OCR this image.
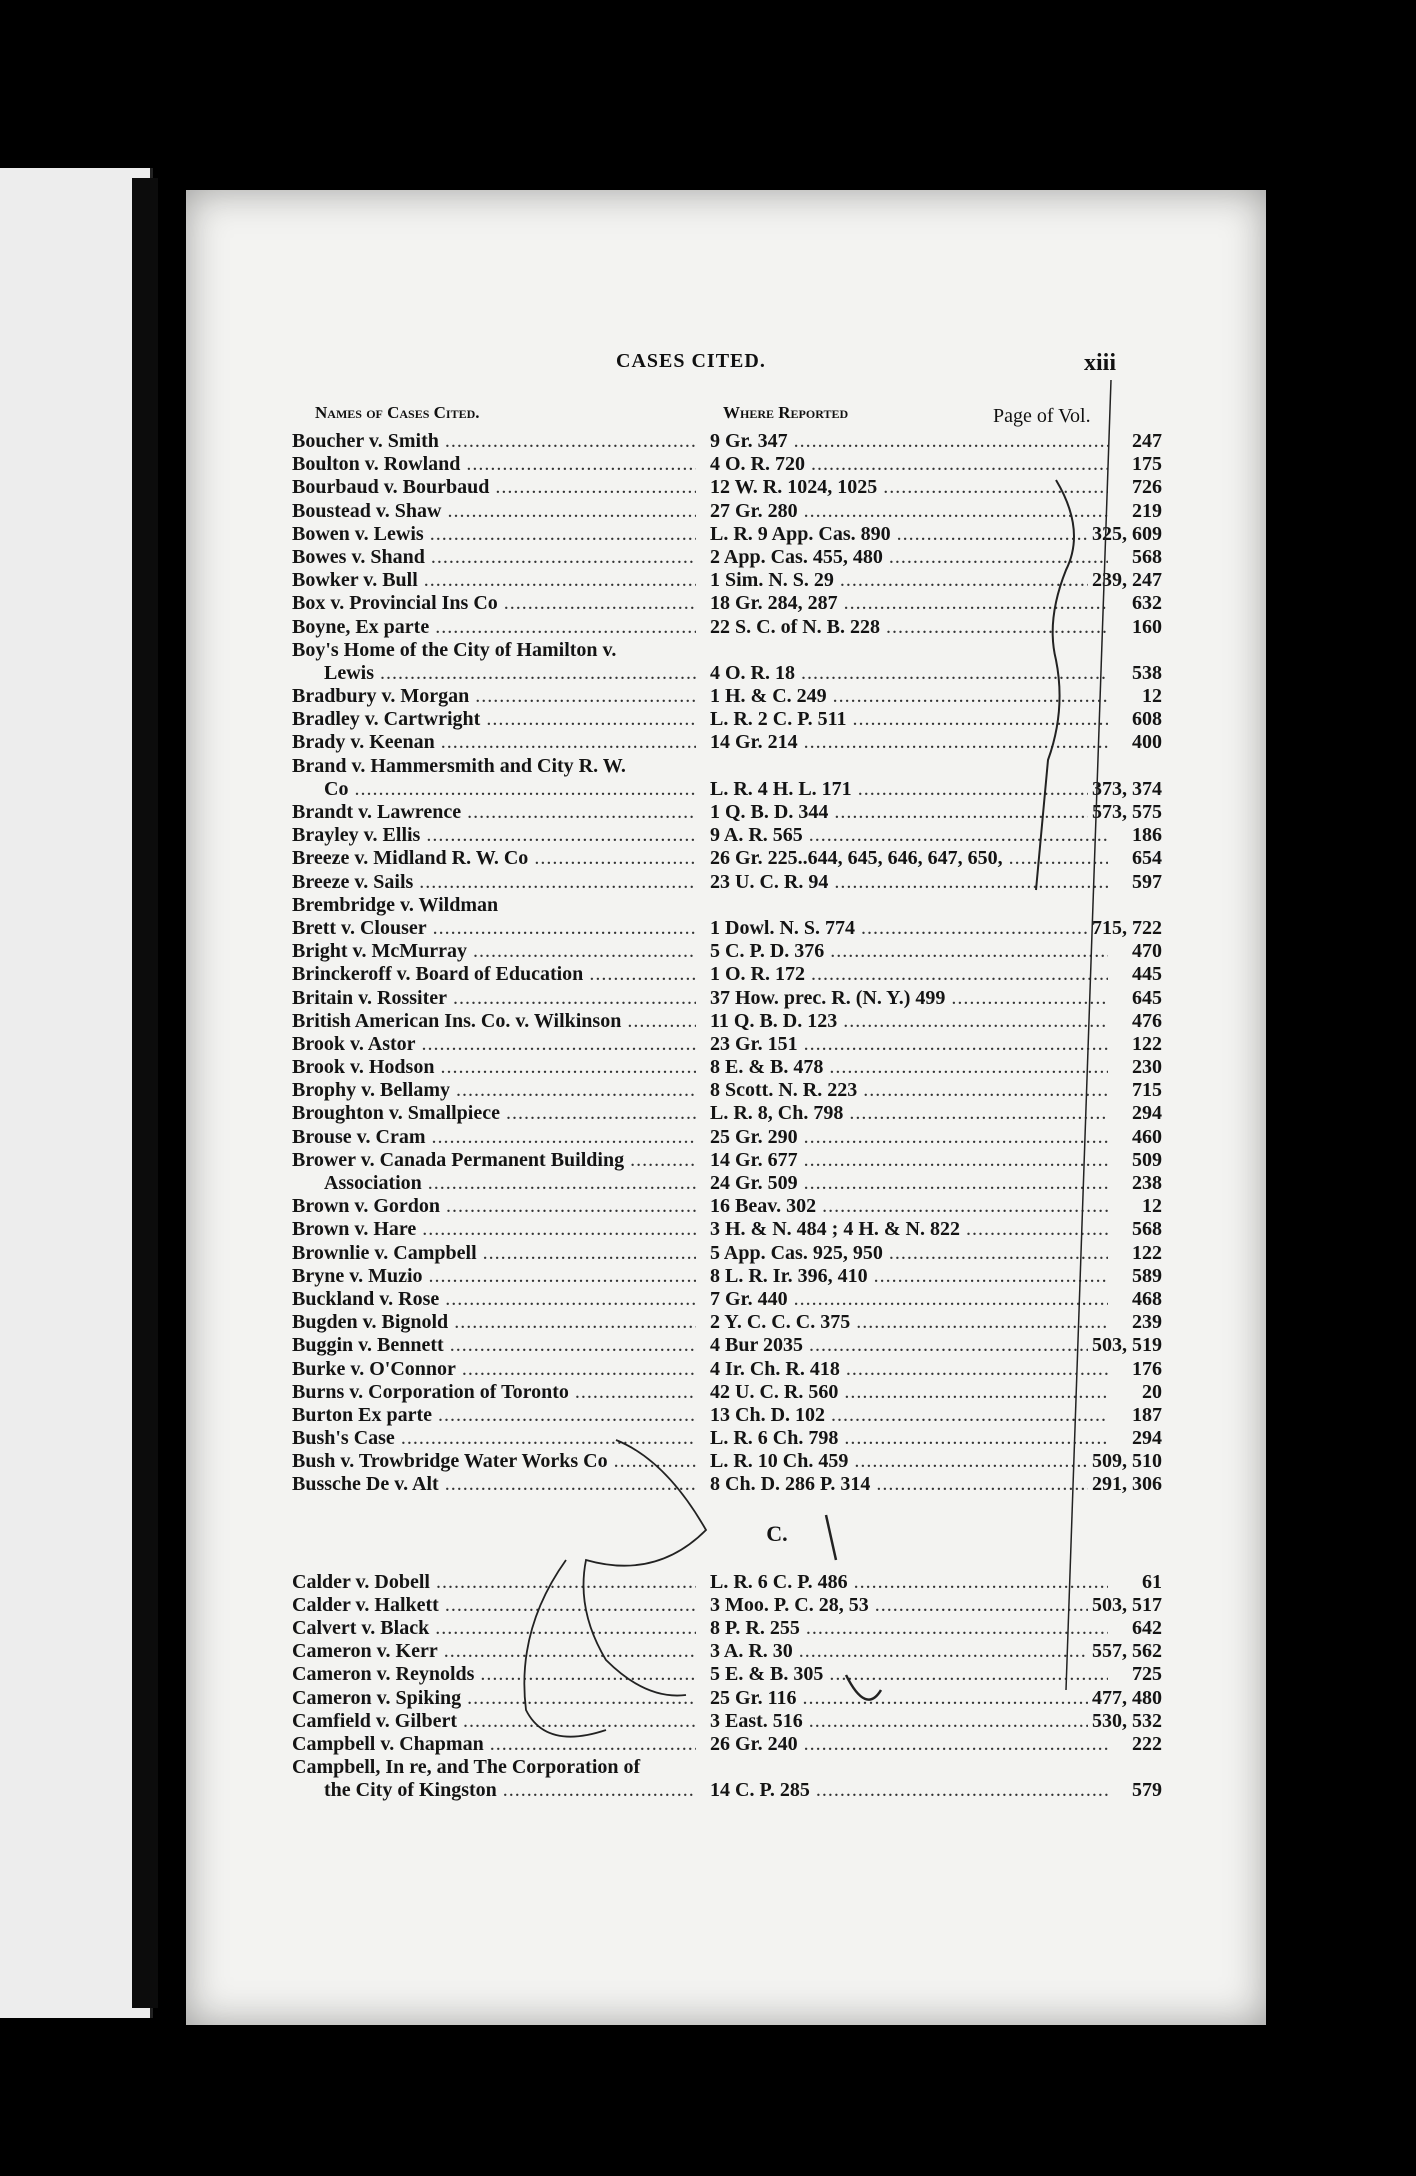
CASES CITED.	xiii
Names of Cases Cited.	Where Reported	Page of Vol.
Boucher v. Smith .....	9 Gr. 347 .....	247
Boulton v. Rowland .....	4 O. R. 720 .....	175
Bourbaud v. Bourbaud .....	12 W. R. 1024, 1025 .....	726
Boustead v. Shaw .....	27 Gr. 280 .....	219
Bowen v. Lewis .....	L. R. 9 App. Cas. 890 .....	325, 609
Bowes v. Shand .....	2 App. Cas. 455, 480 .....	568
Bowker v. Bull .....	1 Sim. N. S. 29 .....	239, 247
Box v. Provincial Ins Co .....	18 Gr. 284, 287 .....	632
Boyne, Ex parte .....	22 S. C. of N. B. 228 .....	160
Boy's Home of the City of Hamilton v.
Lewis .....	4 O. R. 18 .....	538
Bradbury v. Morgan .....	1 H. & C. 249 .....	12
Bradley v. Cartwright .....	L. R. 2 C. P. 511 .....	608
Brady v. Keenan .....	14 Gr. 214 .....	400
Brand v. Hammersmith and City R. W.
Co .....	L. R. 4 H. L. 171 .....	373, 374
Brandt v. Lawrence .....	1 Q. B. D. 344 .....	573, 575
Brayley v. Ellis .....	9 A. R. 565 .....	186
Breeze v. Midland R. W. Co .....	26 Gr. 225..644, 645, 646, 647, 650, .....	654
Breeze v. Sails .....	23 U. C. R. 94 .....	597
Brembridge v. Wildman
Brett v. Clouser .....	1 Dowl. N. S. 774 .....	715, 722
Bright v. McMurray .....	5 C. P. D. 376 .....	470
Brinckeroff v. Board of Education .....	1 O. R. 172 .....	445
Britain v. Rossiter .....	37 How. prec. R. (N. Y.) 499 .....	645
British American Ins. Co. v. Wilkinson .....	11 Q. B. D. 123 .....	476
Brook v. Astor .....	23 Gr. 151 .....	122
Brook v. Hodson .....	8 E. & B. 478 .....	230
Brophy v. Bellamy .....	8 Scott. N. R. 223 .....	715
Broughton v. Smallpiece .....	L. R. 8, Ch. 798 .....	294
Brouse v. Cram .....	25 Gr. 290 .....	460
Brower v. Canada Permanent Building .....	14 Gr. 677 .....	509
Association .....	24 Gr. 509 .....	238
Brown v. Gordon .....	16 Beav. 302 .....	12
Brown v. Hare .....	3 H. & N. 484 ; 4 H. & N. 822 .....	568
Brownlie v. Campbell .....	5 App. Cas. 925, 950 .....	122
Bryne v. Muzio .....	8 L. R. Ir. 396, 410 .....	589
Buckland v. Rose .....	7 Gr. 440 .....	468
Bugden v. Bignold .....	2 Y. C. C. C. 375 .....	239
Buggin v. Bennett .....	4 Bur 2035 .....	503, 519
Burke v. O'Connor .....	4 Ir. Ch. R. 418 .....	176
Burns v. Corporation of Toronto .....	42 U. C. R. 560 .....	20
Burton Ex parte .....	13 Ch. D. 102 .....	187
Bush's Case .....	L. R. 6 Ch. 798 .....	294
Bush v. Trowbridge Water Works Co .....	L. R. 10 Ch. 459 .....	509, 510
Bussche De v. Alt .....	8 Ch. D. 286 P. 314 .....	291, 306
C.
Calder v. Dobell .....	L. R. 6 C. P. 486 .....	61
Calder v. Halkett .....	3 Moo. P. C. 28, 53 .....	503, 517
Calvert v. Black .....	8 P. R. 255 .....	642
Cameron v. Kerr .....	3 A. R. 30 .....	557, 562
Cameron v. Reynolds .....	5 E. & B. 305 .....	725
Cameron v. Spiking .....	25 Gr. 116 .....	477, 480
Camfield v. Gilbert .....	3 East. 516 .....	530, 532
Campbell v. Chapman .....	26 Gr. 240 .....	222
Campbell, In re, and The Corporation of
the City of Kingston .....	14 C. P. 285 .....	579
